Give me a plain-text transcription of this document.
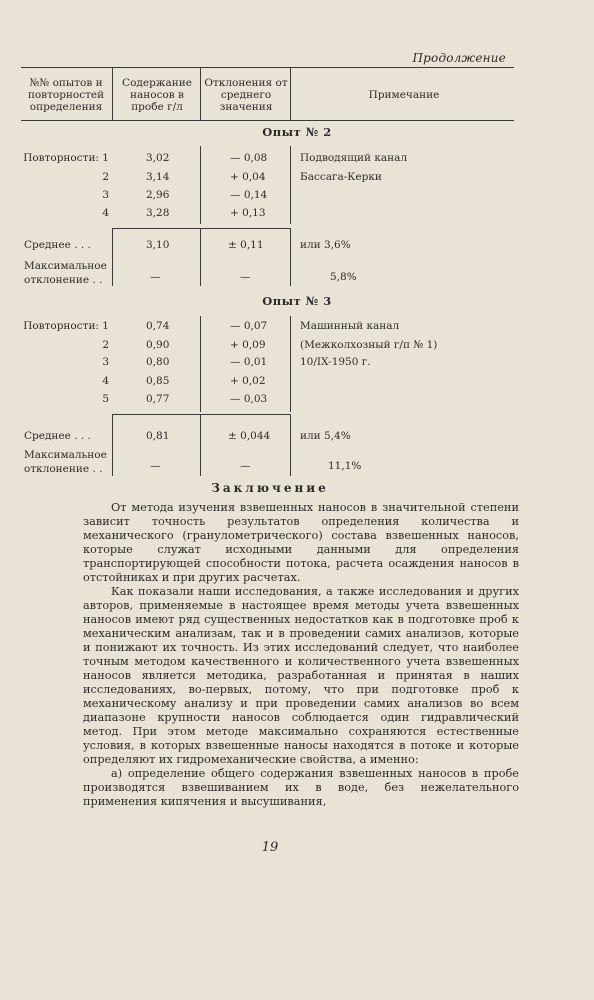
Продолжение
№№ опытов и повторностей определения
Содержание наносов в пробе г/л
Отклонения от среднего значения
Примечание
Опыт № 2
Повторности: 1	3,02	— 0,08	Подводящий канал
2	3,14	+ 0,04	Бассага-Керки
3	2,96	— 0,14
4	3,28	+ 0,13
Среднее . . .	3,10	± 0,11	или 3,6%
Максимальное
отклонение . .	—	—	5,8%
Опыт № 3
Повторности: 1	0,74	— 0,07	Машинный канал
2	0,90	+ 0,09	(Межколхозный г/п № 1)
3	0,80	— 0,01	10/IX-1950 г.
4	0,85	+ 0,02
5	0,77	— 0,03
Среднее . . .	0,81	± 0,044	или 5,4%
Максимальное
отклонение . .	—	—	11,1%
Заключение

От метода изучения взвешенных наносов в значительной степени зависит точность результатов определения количества и механического (гранулометрического) состава взвешенных наносов, которые служат исходными данными для определения транспортирующей способности потока, расчета осаждения наносов в отстойниках и при других расчетах.

Как показали наши исследования, а также исследования и других авторов, применяемые в настоящее время методы учета взвешенных наносов имеют ряд существенных недостатков как в подготовке проб к механическим анализам, так и в проведении самих анализов, которые и понижают их точность. Из этих исследований следует, что наиболее точным методом качественного и количественного учета взвешенных наносов является методика, разработанная и принятая в наших исследованиях, во-первых, потому, что при подготовке проб к механическому анализу и при проведении самих анализов во всем диапазоне крупности наносов соблюдается один гидравлический метод. При этом методе максимально сохраняются естественные условия, в которых взвешенные наносы находятся в потоке и которые определяют их гидромеханические свойства, а именно:

а) определение общего содержания взвешенных наносов в пробе производятся взвешиванием их в воде, без нежелательного применения кипячения и высушивания,

19
